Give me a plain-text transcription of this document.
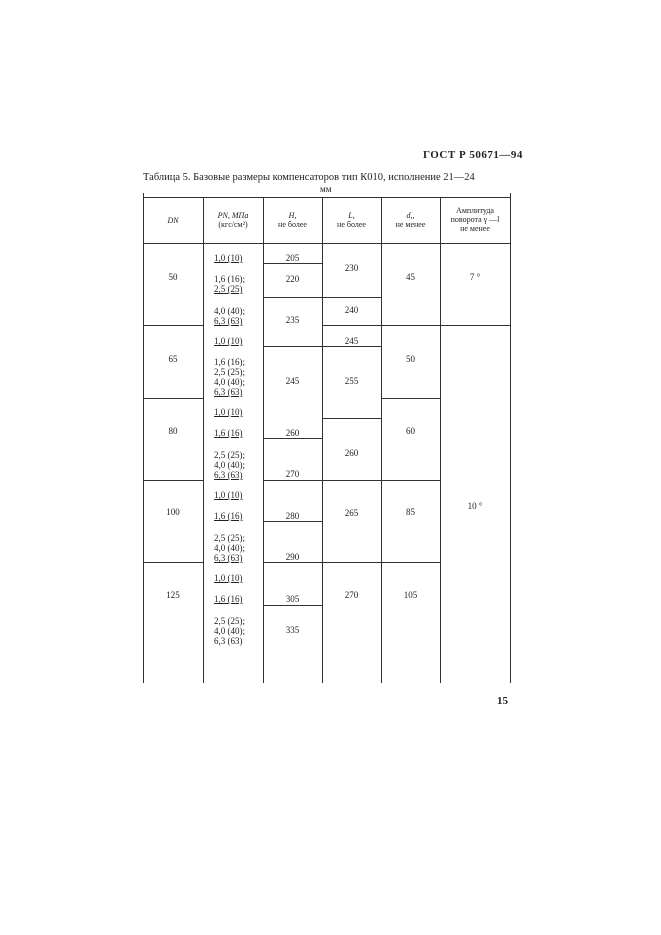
ГОСТ Р 50671—94
Таблица 5. Базовые размеры компенсаторов тип К010, исполнение 21—24
мм
DN
PN, МПа
(кгс/см²)
H,
не более
L,
не более
d,,
не менее
Амплитуда
поворота γ —l
не менее
50
65
80
100
125
1,0 (10)
1,6 (16);
2,5 (25)
4,0 (40);
6,3 (63)
1,0 (10)
1,6 (16);
2,5 (25);
4,0 (40);
6,3 (63)
1,0 (10)
1,6 (16)
2,5 (25);
4,0 (40);
6,3 (63)
1,0 (10)
1,6 (16)
2,5 (25);
4,0 (40);
6,3 (63)
1,0 (10)
1,6 (16)
2,5 (25);
4,0 (40);
6,3 (63)
205
220
235
245
260
270
280
290
305
335
230
240
245
255
260
265
270
45
50
60
85
105
7 °
10 °
15
